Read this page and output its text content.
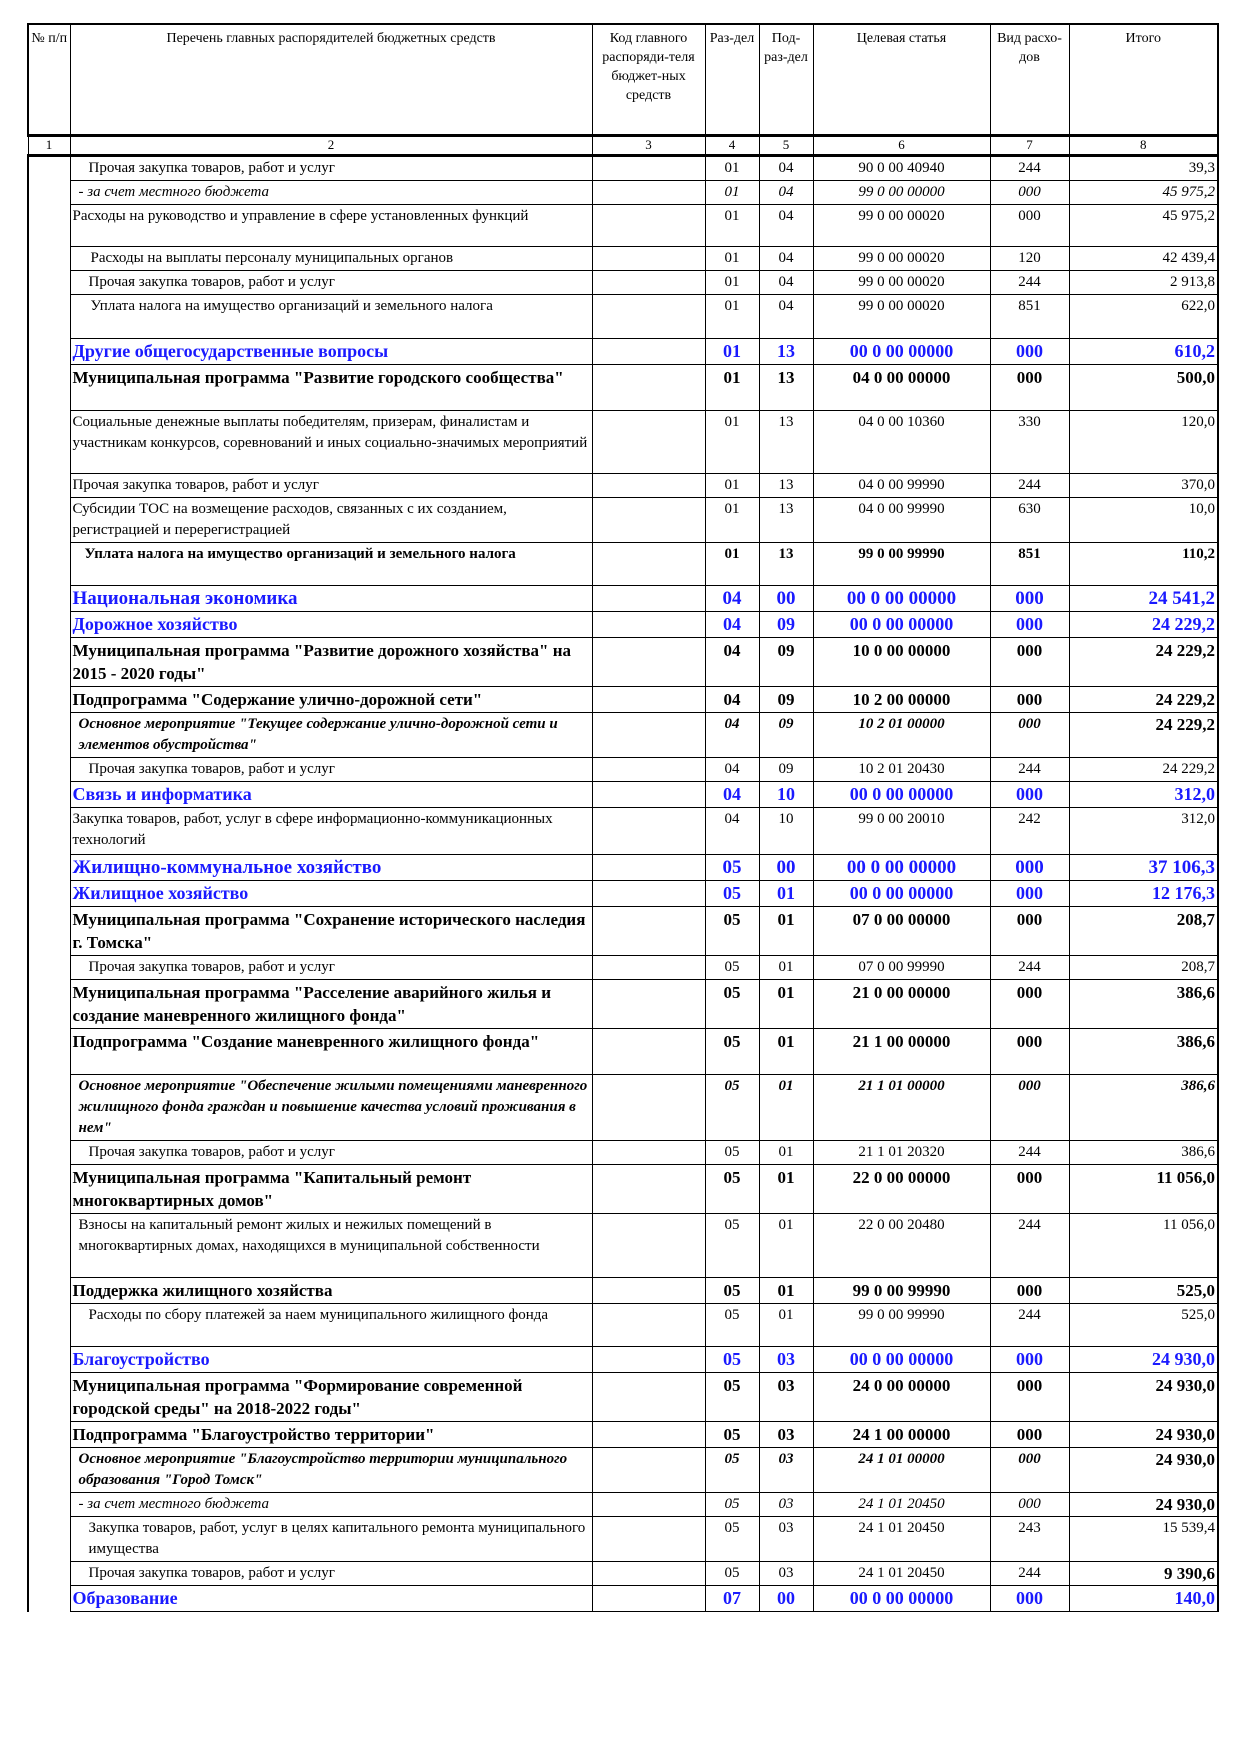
№ п/п	Перечень главных распорядителей бюджетных средств	Код главного распоряди-теля бюджет-ных средств	Раз-дел	Под-раз-дел	Целевая статья	Вид расхо-дов	Итого
1	2	3	4	5	6	7	8
	Прочая закупка товаров, работ и услуг		01	04	90 0 00 40940	244	39,3
	- за счет местного бюджета		01	04	99 0 00 00000	000	45 975,2
	Расходы на руководство и управление в сфере установленных функций		01	04	99 0 00 00020	000	45 975,2
	Расходы на выплаты персоналу муниципальных органов		01	04	99 0 00 00020	120	42 439,4
	Прочая закупка товаров, работ и услуг		01	04	99 0 00 00020	244	2 913,8
	Уплата налога на имущество организаций и земельного налога		01	04	99 0 00 00020	851	622,0
	Другие общегосударственные вопросы		01	13	00 0 00 00000	000	610,2
	Муниципальная программа "Развитие городского сообщества"		01	13	04 0 00 00000	000	500,0
	Социальные денежные выплаты победителям, призерам, финалистам и участникам конкурсов, соревнований и иных социально-значимых мероприятий		01	13	04 0 00 10360	330	120,0
	Прочая закупка товаров, работ и услуг		01	13	04 0 00 99990	244	370,0
	Субсидии ТОС на возмещение расходов, связанных с их созданием, регистрацией и перерегистрацией		01	13	04 0 00 99990	630	10,0
	Уплата налога на имущество организаций и земельного налога		01	13	99 0 00 99990	851	110,2
	Национальная экономика		04	00	00 0 00 00000	000	24 541,2
	Дорожное хозяйство		04	09	00 0 00 00000	000	24 229,2
	Муниципальная программа "Развитие дорожного хозяйства" на 2015 - 2020 годы"		04	09	10 0 00 00000	000	24 229,2
	Подпрограмма "Содержание улично-дорожной сети"		04	09	10 2 00 00000	000	24 229,2
	Основное мероприятие "Текущее содержание улично-дорожной сети и элементов обустройства"		04	09	10 2 01 00000	000	24 229,2
	Прочая закупка товаров, работ и услуг		04	09	10 2 01 20430	244	24 229,2
	Связь и информатика		04	10	00 0 00 00000	000	312,0
	Закупка товаров, работ, услуг в сфере информационно-коммуникационных технологий		04	10	99 0 00 20010	242	312,0
	Жилищно-коммунальное хозяйство		05	00	00 0 00 00000	000	37 106,3
	Жилищное хозяйство		05	01	00 0 00 00000	000	12 176,3
	Муниципальная программа "Сохранение исторического наследия г. Томска"		05	01	07 0 00 00000	000	208,7
	Прочая закупка товаров, работ и услуг		05	01	07 0 00 99990	244	208,7
	Муниципальная программа "Расселение аварийного жилья и создание маневренного жилищного фонда"		05	01	21 0 00 00000	000	386,6
	Подпрограмма "Создание маневренного жилищного фонда"		05	01	21 1 00 00000	000	386,6
	Основное мероприятие "Обеспечение жилыми помещениями маневренного жилищного фонда граждан и повышение качества условий проживания в нем"		05	01	21 1 01 00000	000	386,6
	Прочая закупка товаров, работ и услуг		05	01	21 1 01 20320	244	386,6
	Муниципальная программа "Капитальный ремонт многоквартирных домов"		05	01	22 0 00 00000	000	11 056,0
	Взносы на капитальный ремонт жилых и нежилых помещений в многоквартирных домах, находящихся в муниципальной собственности		05	01	22 0 00 20480	244	11 056,0
	Поддержка жилищного хозяйства		05	01	99 0 00 99990	000	525,0
	Расходы по сбору платежей за наем муниципального жилищного фонда		05	01	99 0 00 99990	244	525,0
	Благоустройство		05	03	00 0 00 00000	000	24 930,0
	Муниципальная программа "Формирование современной городской среды" на 2018-2022 годы"		05	03	24 0 00 00000	000	24 930,0
	Подпрограмма "Благоустройство территории"		05	03	24 1 00 00000	000	24 930,0
	Основное мероприятие "Благоустройство территории муниципального образования "Город Томск"		05	03	24 1 01 00000	000	24 930,0
	- за счет местного бюджета		05	03	24 1 01 20450	000	24 930,0
	Закупка товаров, работ, услуг в целях капитального ремонта муниципального имущества		05	03	24 1 01 20450	243	15 539,4
	Прочая закупка товаров, работ и услуг		05	03	24 1 01 20450	244	9 390,6
	Образование		07	00	00 0 00 00000	000	140,0
